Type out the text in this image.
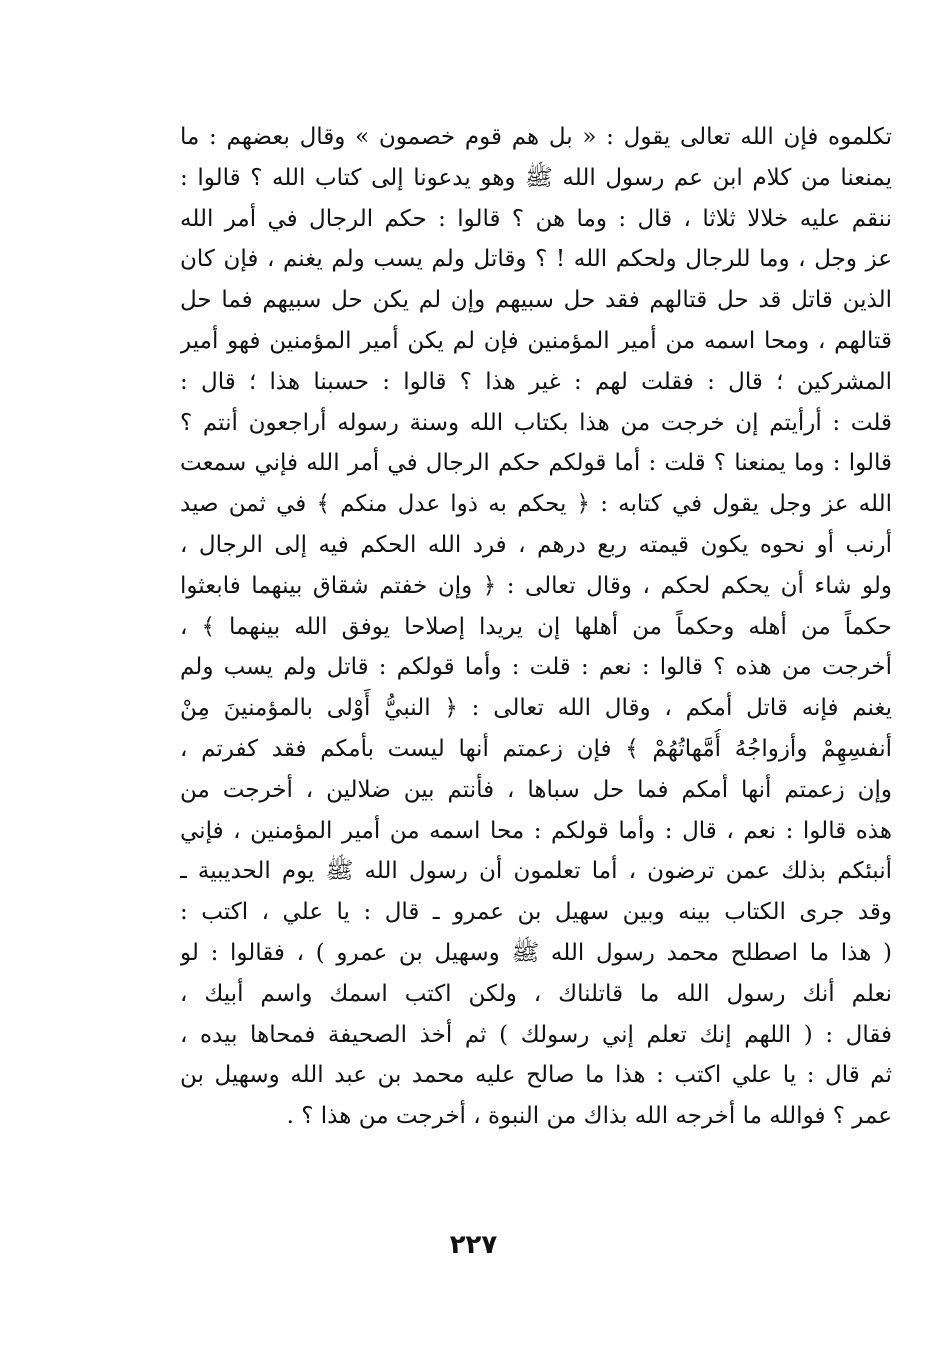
تكلموه فإن الله تعالى يقول : « بل هم قوم خصمون » وقال بعضهم : ما
يمنعنا من كلام ابن عم رسول الله ﷺ وهو يدعونا إلى كتاب الله ؟ قالوا :
ننقم عليه خلالا ثلاثا ، قال : وما هن ؟ قالوا : حكم الرجال في أمر الله
عز وجل ، وما للرجال ولحكم الله ! ؟ وقاتل ولم يسب ولم يغنم ، فإن كان
الذين قاتل قد حل قتالهم فقد حل سبيهم وإن لم يكن حل سبيهم فما حل
قتالهم ، ومحا اسمه من أمير المؤمنين فإن لم يكن أمير المؤمنين فهو أمير
المشركين ؛ قال : فقلت لهم : غير هذا ؟ قالوا : حسبنا هذا ؛ قال :
قلت : أرأيتم إن خرجت من هذا بكتاب الله وسنة رسوله أراجعون أنتم ؟
قالوا : وما يمنعنا ؟ قلت : أما قولكم حكم الرجال في أمر الله فإني سمعت
الله عز وجل يقول في كتابه : ﴿ يحكم به ذوا عدل منكم ﴾ في ثمن صيد
أرنب أو نحوه يكون قيمته ربع درهم ، فرد الله الحكم فيه إلى الرجال ،
ولو شاء أن يحكم لحكم ، وقال تعالى : ﴿ وإن خفتم شقاق بينهما فابعثوا
حكماً من أهله وحكماً من أهلها إن يريدا إصلاحا يوفق الله بينهما ﴾ ،
أخرجت من هذه ؟ قالوا : نعم : قلت : وأما قولكم : قاتل ولم يسب ولم
يغنم فإنه قاتل أمكم ، وقال الله تعالى : ﴿ النبيُّ أَوْلى بالمؤمنينَ مِنْ
أنفسِهِمْ وأزواجُهُ أُمَّهاتُهُمْ ﴾ فإن زعمتم أنها ليست بأمكم فقد كفرتم ،
وإن زعمتم أنها أمكم فما حل سباها ، فأنتم بين ضلالين ، أخرجت من
هذه قالوا : نعم ، قال : وأما قولكم : محا اسمه من أمير المؤمنين ، فإني
أنبئكم بذلك عمن ترضون ، أما تعلمون أن رسول الله ﷺ يوم الحديبية ـ
وقد جرى الكتاب بينه وبين سهيل بن عمرو ـ قال : يا علي ، اكتب :
( هذا ما اصطلح محمد رسول الله ﷺ وسهيل بن عمرو ) ، فقالوا : لو
نعلم أنك رسول الله ما قاتلناك ، ولكن اكتب اسمك واسم أبيك ،
فقال : ( اللهم إنك تعلم إني رسولك ) ثم أخذ الصحيفة فمحاها بيده ،
ثم قال : يا علي اكتب : هذا ما صالح عليه محمد بن عبد الله وسهيل بن
عمر ؟ فوالله ما أخرجه الله بذاك من النبوة ، أخرجت من هذا ؟ .
٢٢٧
